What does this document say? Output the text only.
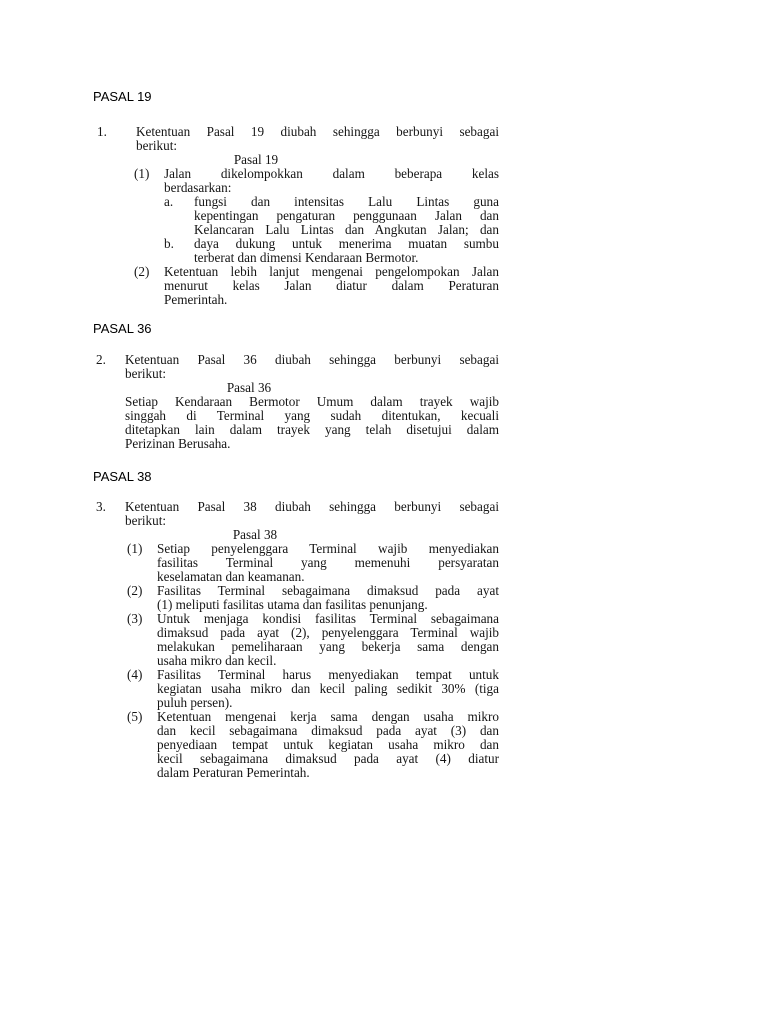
PASAL 19
1. Ketentuan Pasal 19 diubah sehingga berbunyi sebagai
berikut:
Pasal 19
(1) Jalan dikelompokkan dalam beberapa kelas
berdasarkan:
a. fungsi dan intensitas Lalu Lintas guna
kepentingan pengaturan penggunaan Jalan dan
Kelancaran Lalu Lintas dan Angkutan Jalan; dan
b. daya dukung untuk menerima muatan sumbu
terberat dan dimensi Kendaraan Bermotor.
(2) Ketentuan lebih lanjut mengenai pengelompokan Jalan
menurut kelas Jalan diatur dalam Peraturan
Pemerintah.
PASAL 36
2. Ketentuan Pasal 36 diubah sehingga berbunyi sebagai
berikut:
Pasal 36
Setiap Kendaraan Bermotor Umum dalam trayek wajib
singgah di Terminal yang sudah ditentukan, kecuali
ditetapkan lain dalam trayek yang telah disetujui dalam
Perizinan Berusaha.
PASAL 38
3. Ketentuan Pasal 38 diubah sehingga berbunyi sebagai
berikut:
Pasal 38
(1) Setiap penyelenggara Terminal wajib menyediakan
fasilitas Terminal yang memenuhi persyaratan
keselamatan dan keamanan.
(2) Fasilitas Terminal sebagaimana dimaksud pada ayat
(1) meliputi fasilitas utama dan fasilitas penunjang.
(3) Untuk menjaga kondisi fasilitas Terminal sebagaimana
dimaksud pada ayat (2), penyelenggara Terminal wajib
melakukan pemeliharaan yang bekerja sama dengan
usaha mikro dan kecil.
(4) Fasilitas Terminal harus menyediakan tempat untuk
kegiatan usaha mikro dan kecil paling sedikit 30% (tiga
puluh persen).
(5) Ketentuan mengenai kerja sama dengan usaha mikro
dan kecil sebagaimana dimaksud pada ayat (3) dan
penyediaan tempat untuk kegiatan usaha mikro dan
kecil sebagaimana dimaksud pada ayat (4) diatur
dalam Peraturan Pemerintah.
